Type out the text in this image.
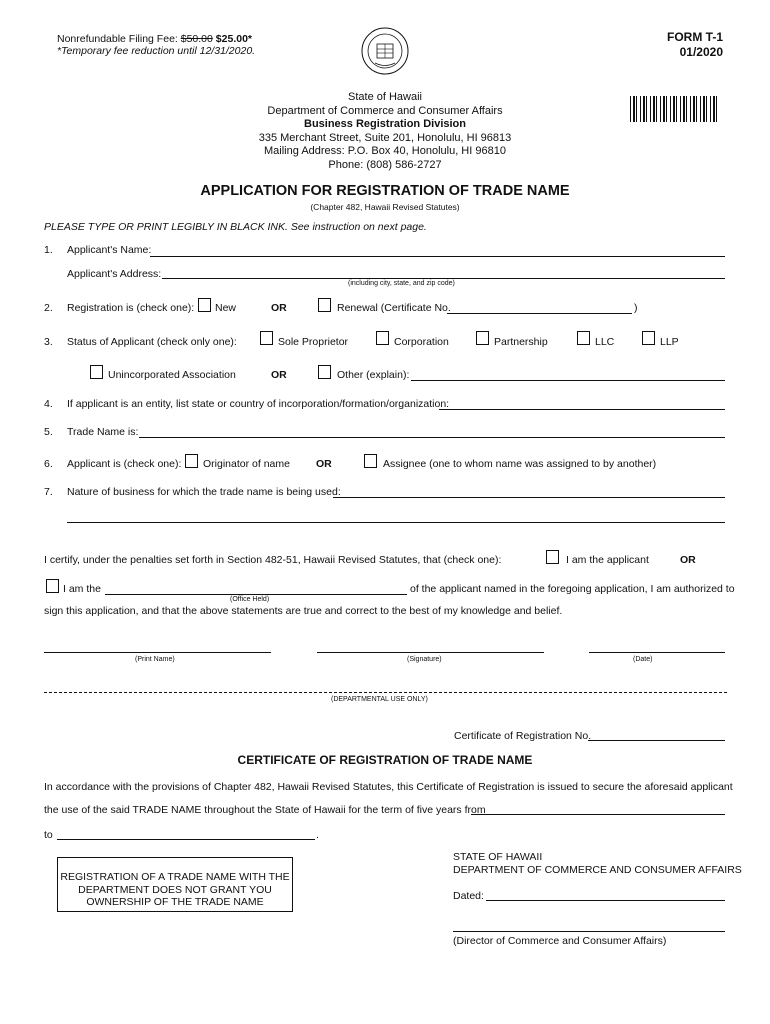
Nonrefundable Filing Fee: $50.00 $25.00*
*Temporary fee reduction until 12/31/2020.
FORM T-1
01/2020
State of Hawaii
Department of Commerce and Consumer Affairs
Business Registration Division
335 Merchant Street, Suite 201, Honolulu, HI 96813
Mailing Address: P.O. Box 40, Honolulu, HI 96810
Phone: (808) 586-2727
APPLICATION FOR REGISTRATION OF TRADE NAME
(Chapter 482, Hawaii Revised Statutes)
PLEASE TYPE OR PRINT LEGIBLY IN BLACK INK. See instruction on next page.
1. Applicant's Name:
Applicant's Address:
(including city, state, and zip code)
2. Registration is (check one): New	OR	Renewal (Certificate No.	)
3. Status of Applicant (check only one):	Sole Proprietor	Corporation	Partnership	LLC	LLP
Unincorporated Association	OR	Other (explain):
4. If applicant is an entity, list state or country of incorporation/formation/organization:
5. Trade Name is:
6. Applicant is (check one): Originator of name OR	Assignee (one to whom name was assigned to by another)
7. Nature of business for which the trade name is being used:
I certify, under the penalties set forth in Section 482-51, Hawaii Revised Statutes, that (check one):	I am the applicant	OR
I am the
(Office Held)
of the applicant named in the foregoing application, I am authorized to
sign this application, and that the above statements are true and correct to the best of my knowledge and belief.
(Print Name)	(Signature)	(Date)
(DEPARTMENTAL USE ONLY)
Certificate of Registration No.
CERTIFICATE OF REGISTRATION OF TRADE NAME
In accordance with the provisions of Chapter 482, Hawaii Revised Statutes, this Certificate of Registration is issued to secure the aforesaid applicant
the use of the said TRADE NAME throughout the State of Hawaii for the term of five years from
to	.
REGISTRATION OF A TRADE NAME WITH THE DEPARTMENT DOES NOT GRANT YOU OWNERSHIP OF THE TRADE NAME
STATE OF HAWAII
DEPARTMENT OF COMMERCE AND CONSUMER AFFAIRS
Dated:
(Director of Commerce and Consumer Affairs)
